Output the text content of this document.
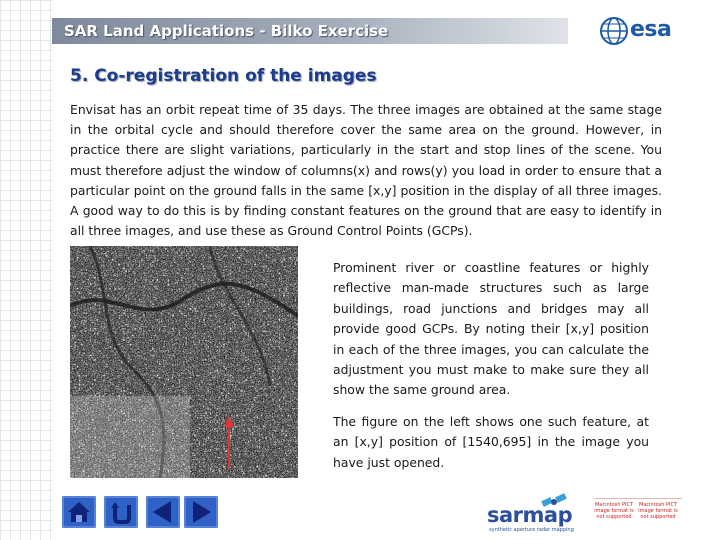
SAR Land Applications - Bilko Exercise	esa
5. Co-registration of the images
Envisat has an orbit repeat time of 35 days. The three images are obtained at the same stage in the orbital cycle and should therefore cover the same area on the ground. However, in practice there are slight variations, particularly in the start and stop lines of the scene. You must therefore adjust the window of columns(x) and rows(y) you load in order to ensure that a particular point on the ground falls in the same [x,y] position in the display of all three images. A good way to do this is by finding constant features on the ground that are easy to identify in all three images, and use these as Ground Control Points (GCPs).

Prominent river or coastline features or highly reflective man-made structures such as large buildings, road junctions and bridges may all provide good GCPs. By noting their [x,y] position in each of the three images, you can calculate the adjustment you must make to make sure they all show the same ground area.

The figure on the left shows one such feature, at an [x,y] position of [1540,695] in the image you have just opened.

sarmap
synthetic aperture radar mapping
Macintosh PICT image format is not supported
Macintosh PICT image format is not supported
